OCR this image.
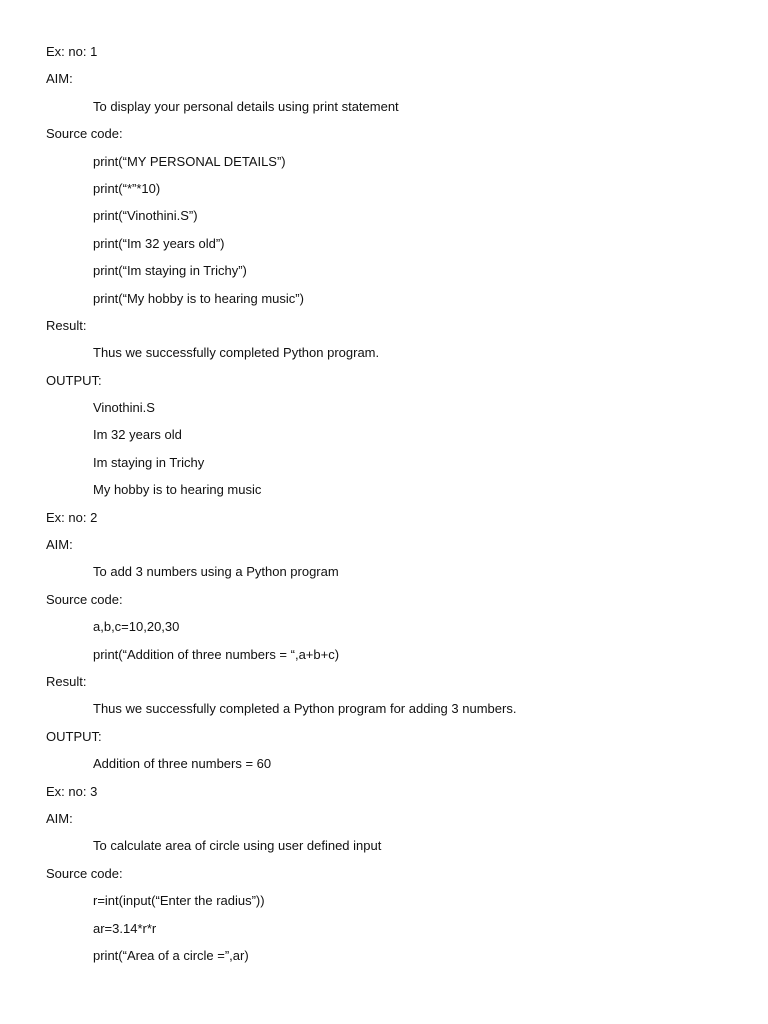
Ex: no: 1
AIM:
To display your personal details using print statement
Source code:
print(“MY PERSONAL DETAILS”)
print(“*”*10)
print(“Vinothini.S”)
print(“Im 32 years old”)
print(“Im staying in Trichy”)
print(“My hobby is to hearing music”)
Result:
Thus we successfully completed Python program.
OUTPUT:
Vinothini.S
Im 32 years old
Im staying in Trichy
My hobby is to hearing music
Ex: no: 2
AIM:
To add 3 numbers using a Python program
Source code:
a,b,c=10,20,30
print(“Addition of three numbers = “,a+b+c)
Result:
Thus we successfully completed a Python program for adding 3 numbers.
OUTPUT:
Addition of three numbers = 60
Ex: no: 3
AIM:
To calculate area of circle using user defined input
Source code:
r=int(input(“Enter the radius”))
ar=3.14*r*r
print(“Area of a circle =”,ar)
